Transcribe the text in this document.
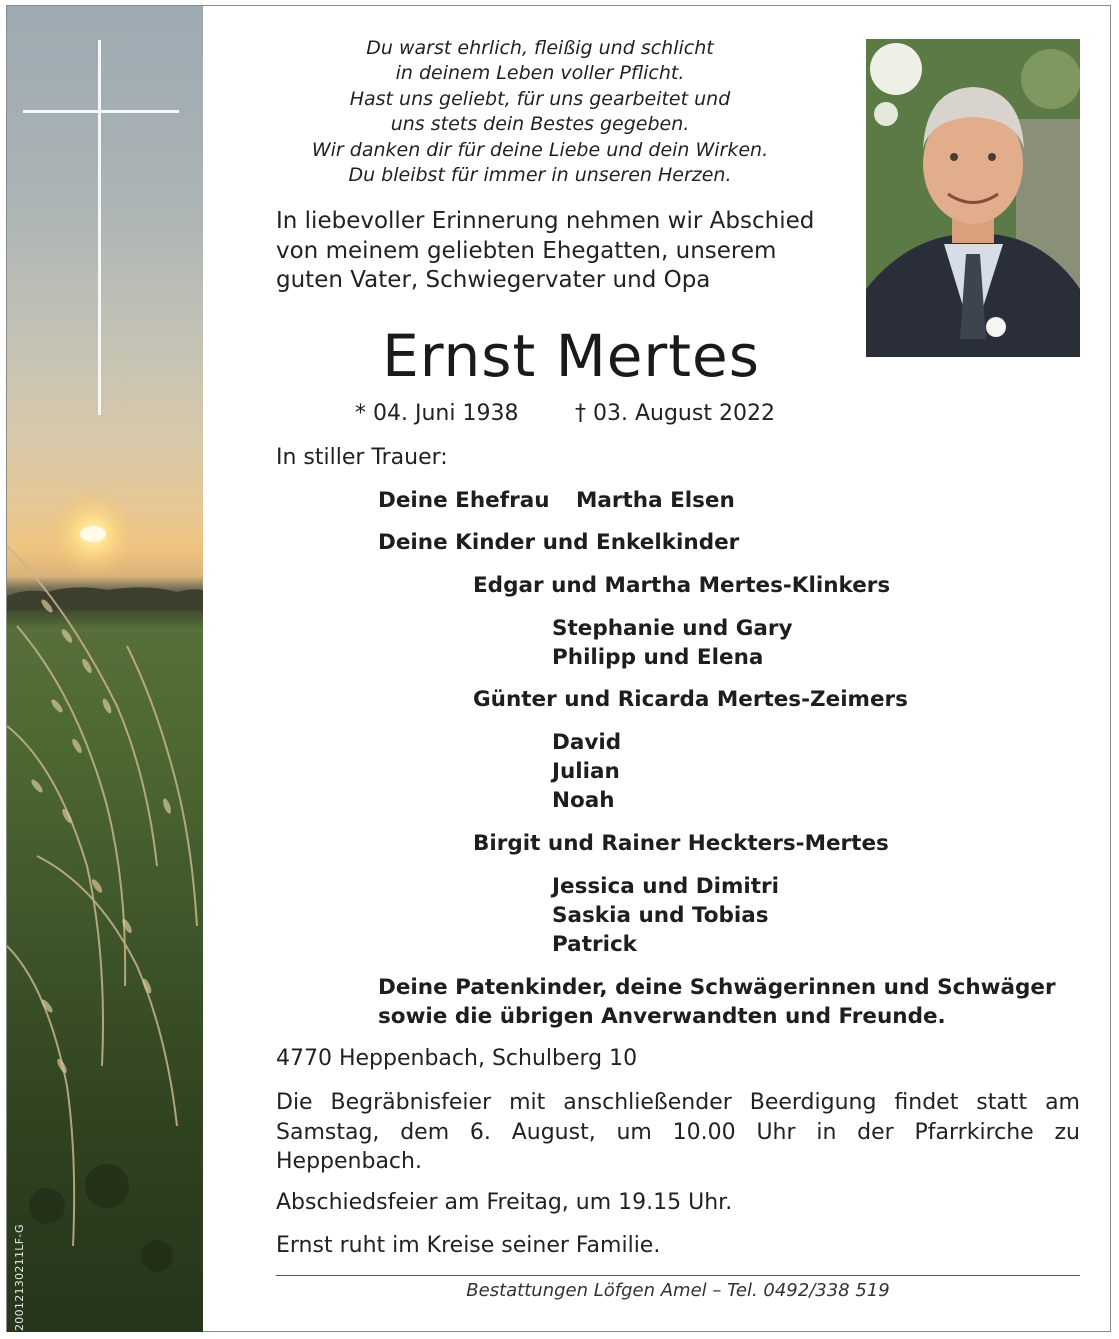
20012130211LF-G
Du warst ehrlich, fleißig und schlicht
in deinem Leben voller Pflicht.
Hast uns geliebt, für uns gearbeitet und
uns stets dein Bestes gegeben.
Wir danken dir für deine Liebe und dein Wirken.
Du bleibst für immer in unseren Herzen.
In liebevoller Erinnerung nehmen wir Abschied
von meinem geliebten Ehegatten, unserem
guten Vater, Schwiegervater und Opa
Ernst Mertes
* 04. Juni 1938	† 03. August 2022
In stiller Trauer:
Deine Ehefrau Martha Elsen
Deine Kinder und Enkelkinder
Edgar und Martha Mertes-Klinkers
Stephanie und Gary
Philipp und Elena
Günter und Ricarda Mertes-Zeimers
David
Julian
Noah
Birgit und Rainer Heckters-Mertes
Jessica und Dimitri
Saskia und Tobias
Patrick
Deine Patenkinder, deine Schwägerinnen und Schwäger
sowie die übrigen Anverwandten und Freunde.
4770 Heppenbach, Schulberg 10
Die Begräbnisfeier mit anschließender Beerdigung findet statt am Samstag, dem 6. August, um 10.00 Uhr in der Pfarrkirche zu Heppenbach.
Abschiedsfeier am Freitag, um 19.15 Uhr.
Ernst ruht im Kreise seiner Familie.
Bestattungen Löfgen Amel – Tel. 0492/338 519
